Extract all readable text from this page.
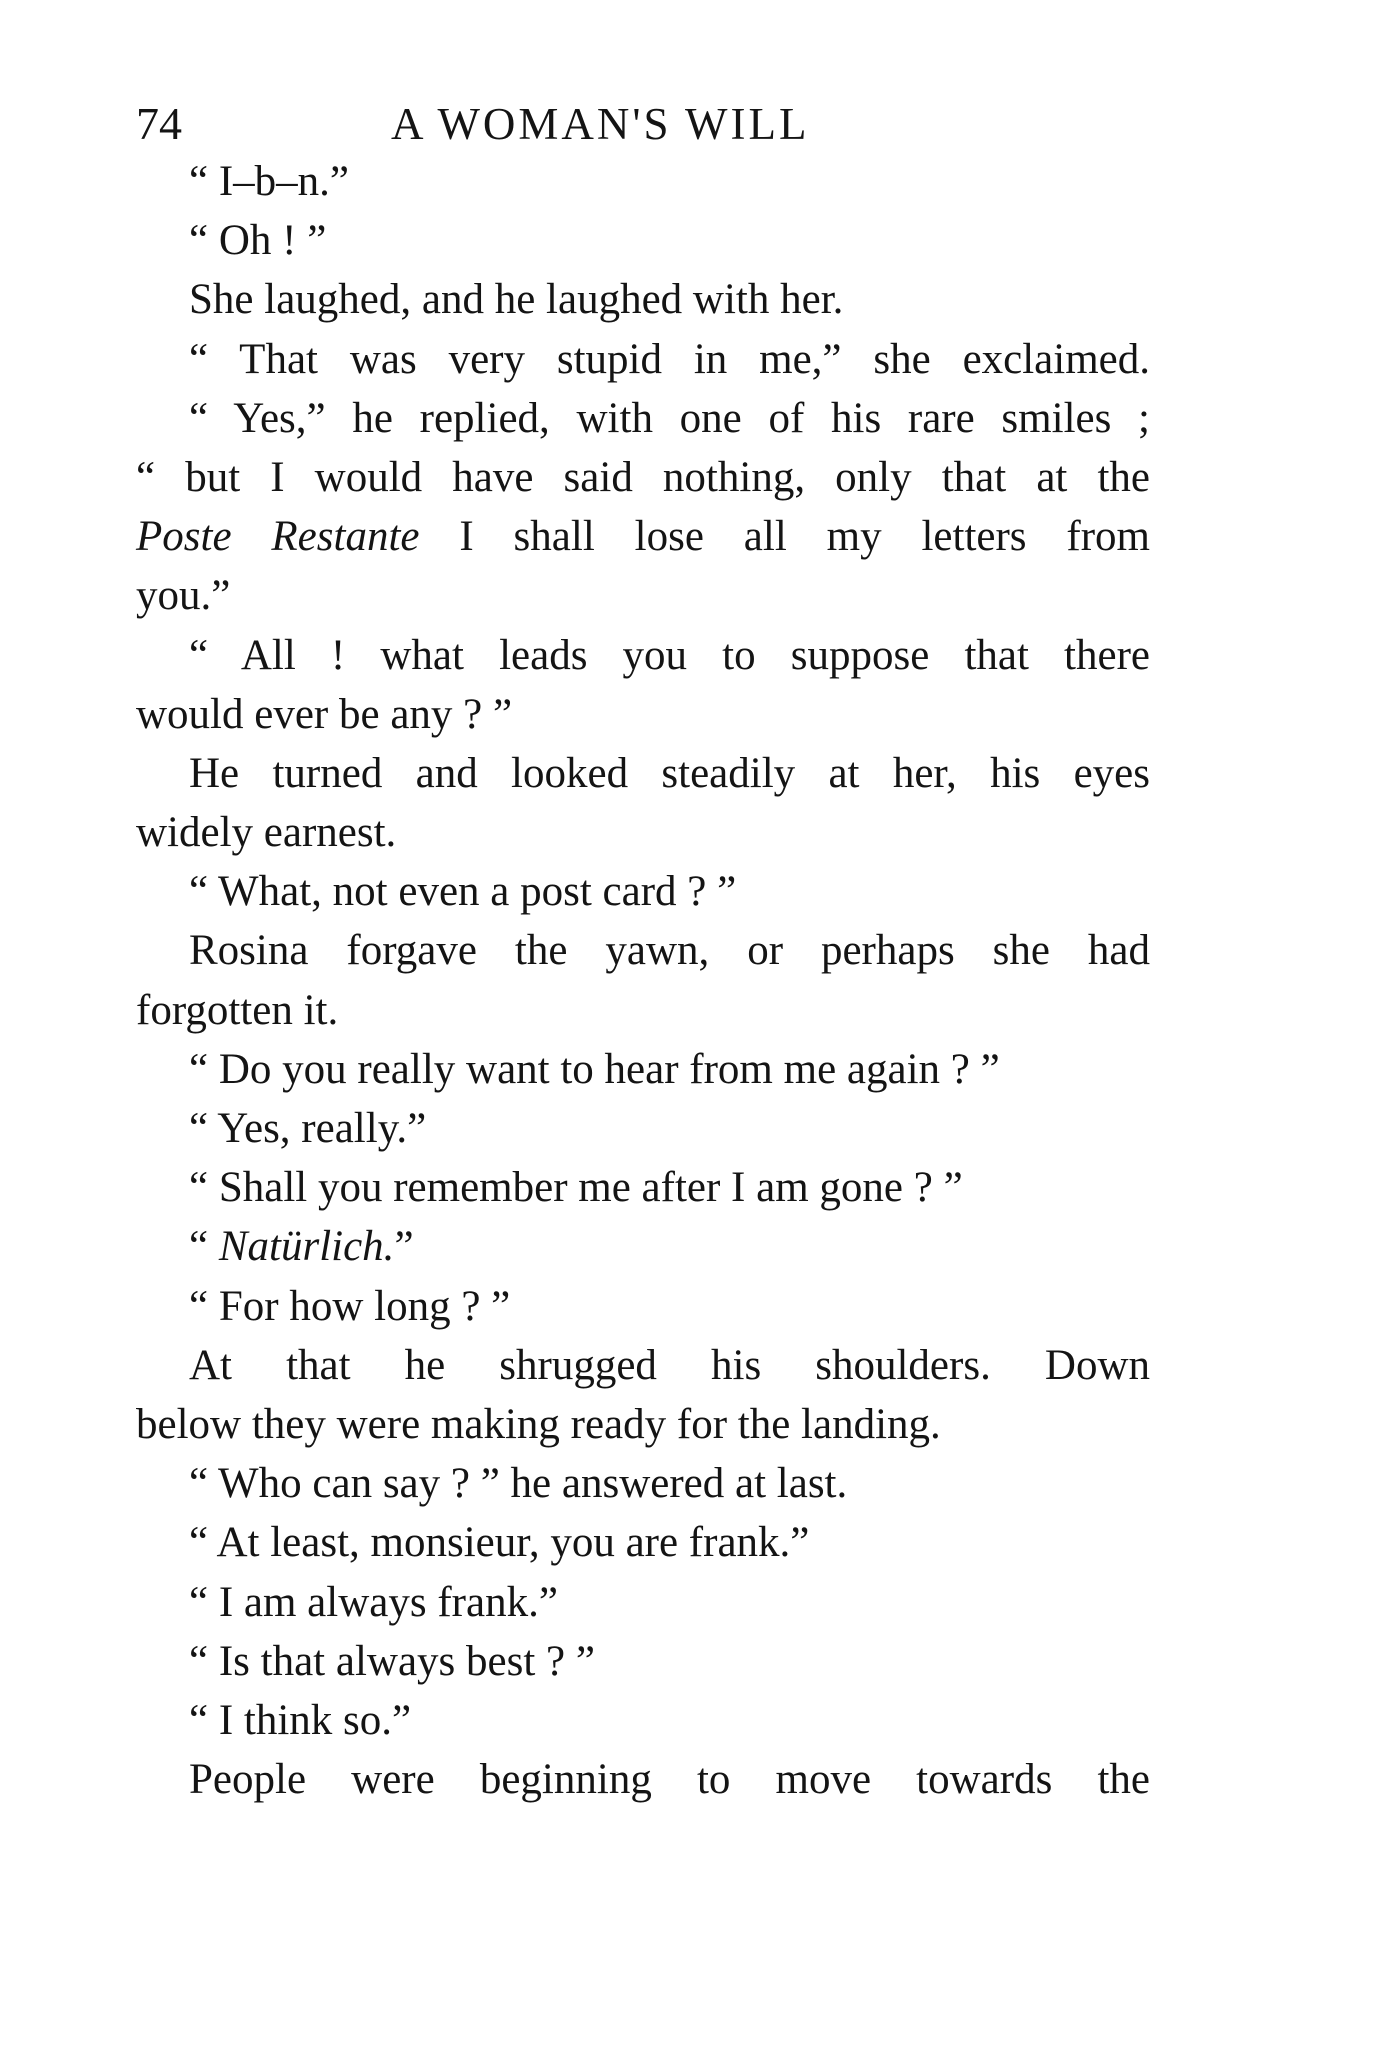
74	A WOMAN'S WILL
“ I–b–n.”
“ Oh ! ”
She laughed, and he laughed with her.
“ That was very stupid in me,” she exclaimed.
“ Yes,” he replied, with one of his rare smiles ;
“ but I would have said nothing, only that at the
Poste Restante I shall lose all my letters from
you.”
“ All ! what leads you to suppose that there
would ever be any ? ”
He turned and looked steadily at her, his eyes
widely earnest.
“ What, not even a post card ? ”
Rosina forgave the yawn, or perhaps she had
forgotten it.
“ Do you really want to hear from me again ? ”
“ Yes, really.”
“ Shall you remember me after I am gone ? ”
“ Natürlich.”
“ For how long ? ”
At that he shrugged his shoulders. Down
below they were making ready for the landing.
“ Who can say ? ” he answered at last.
“ At least, monsieur, you are frank.”
“ I am always frank.”
“ Is that always best ? ”
“ I think so.”
People were beginning to move towards the
